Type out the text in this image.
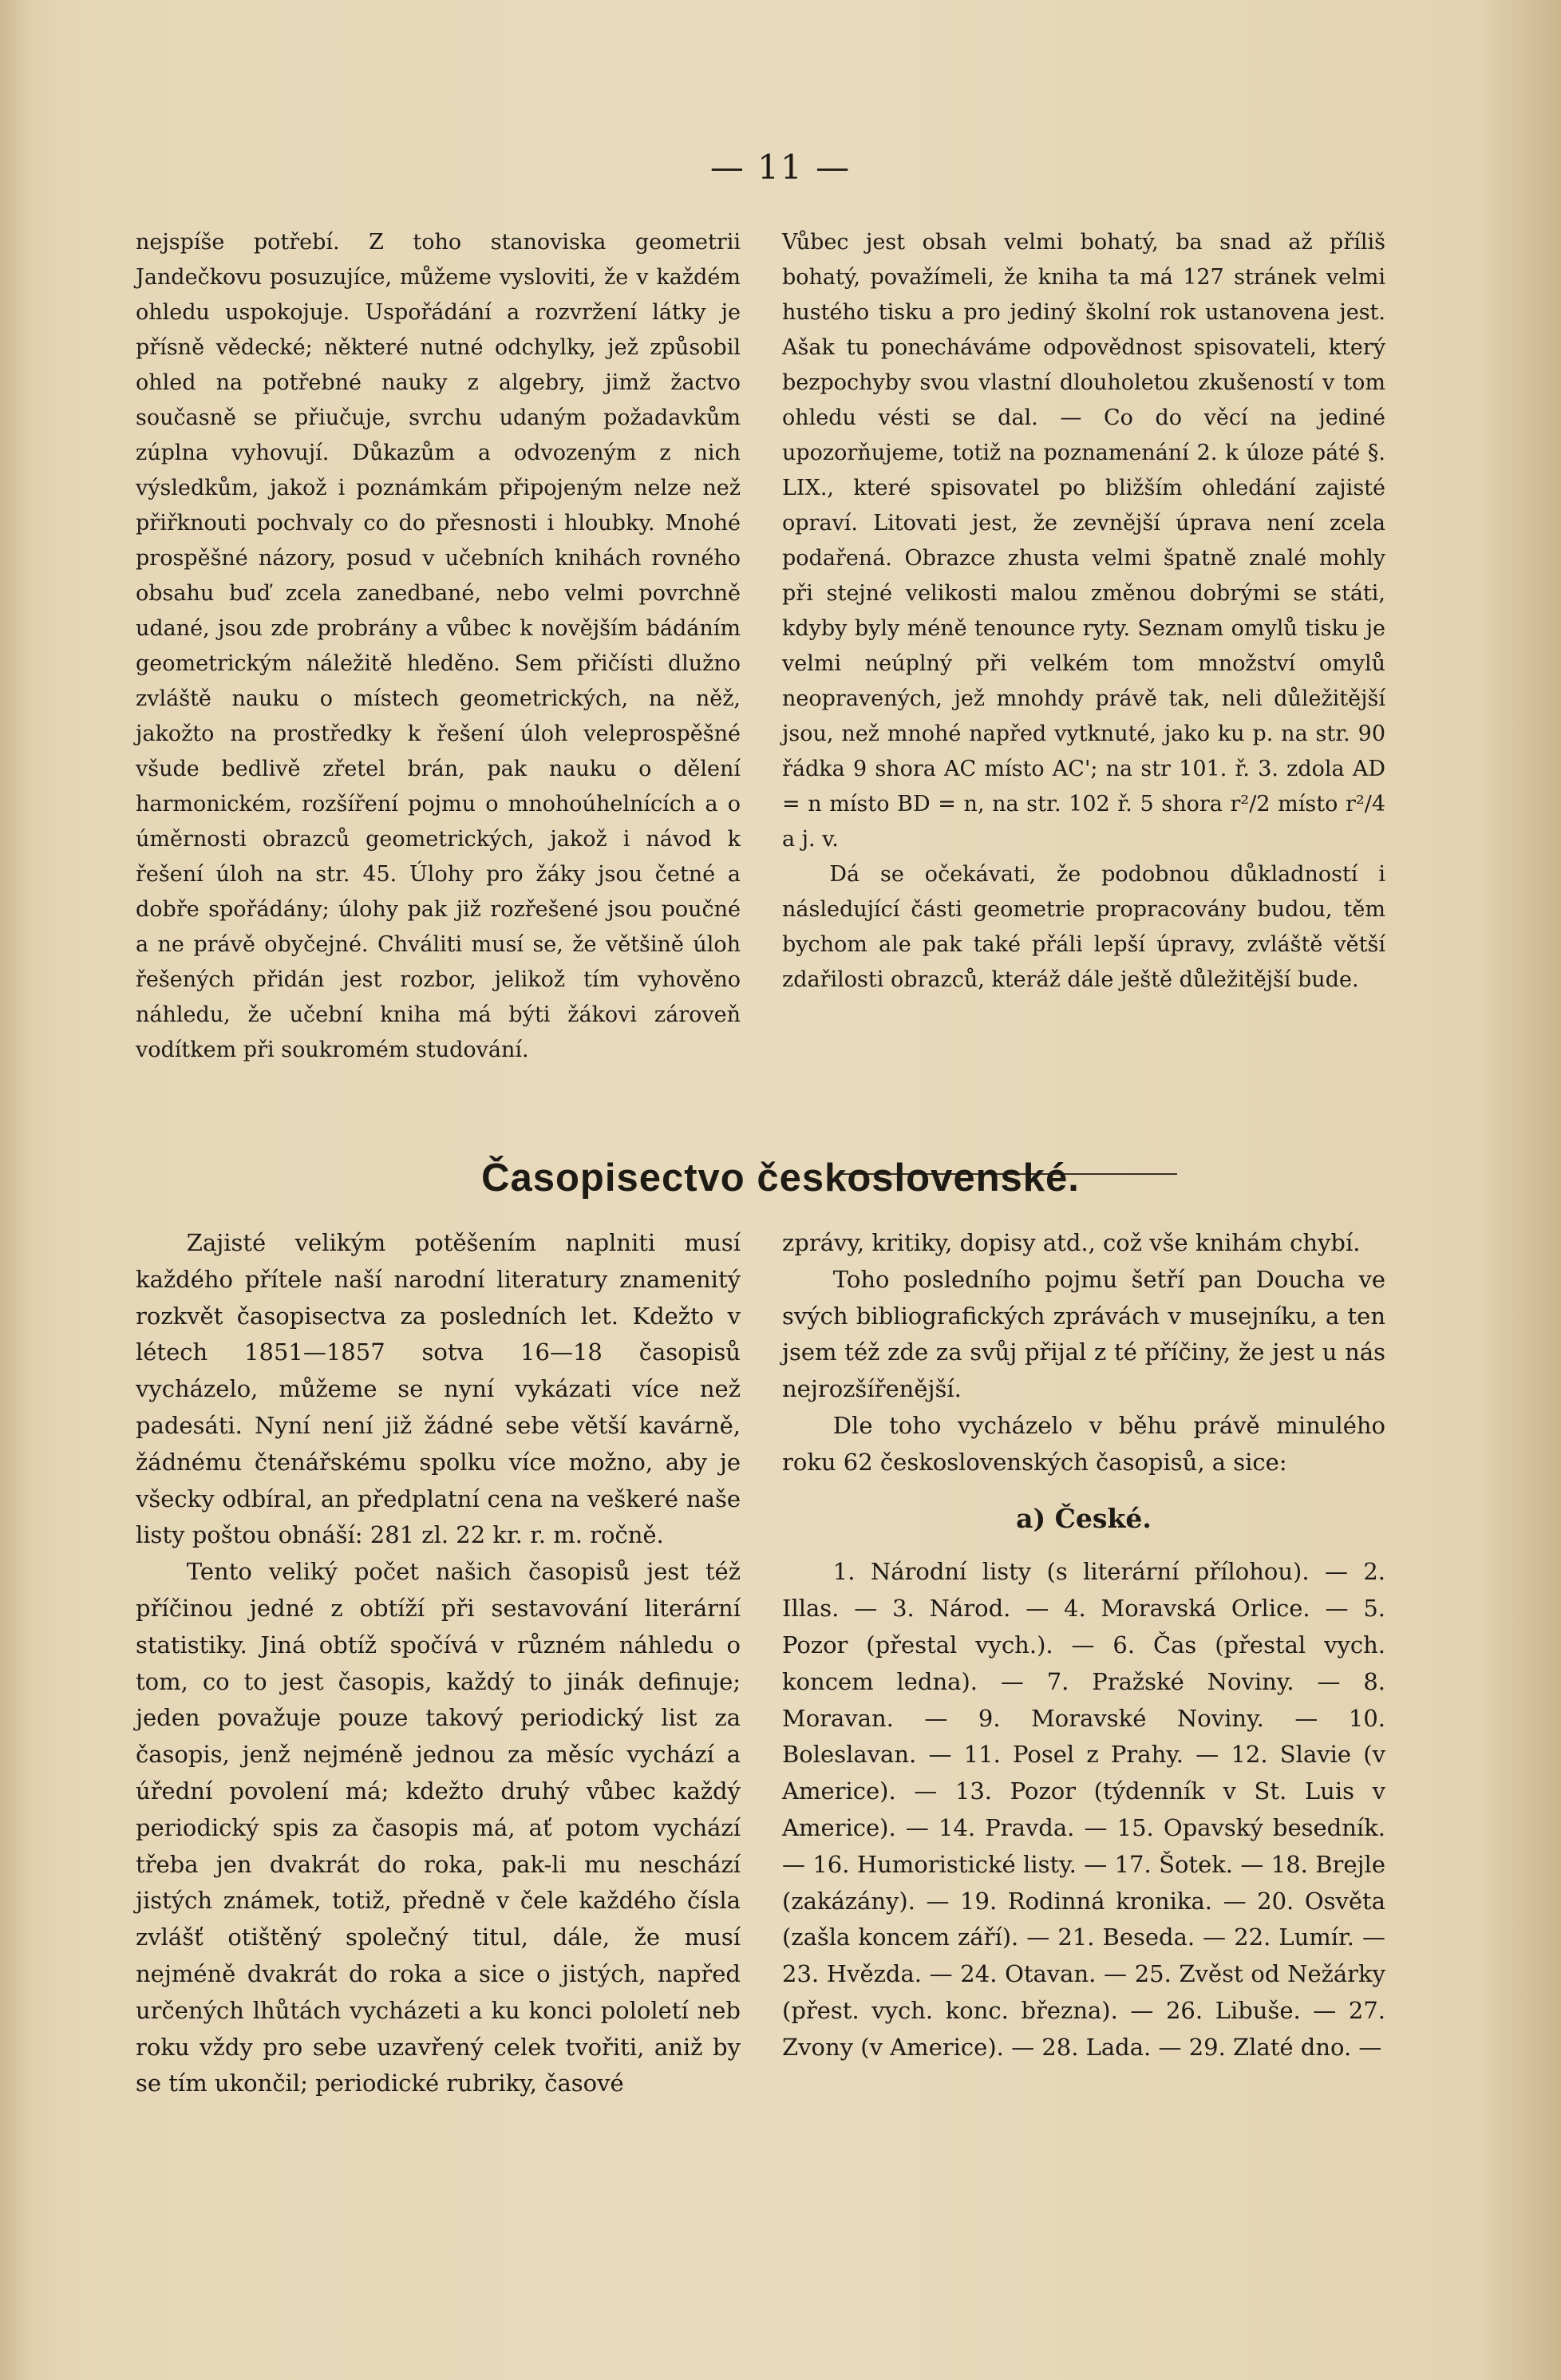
— 11 —

nejspíše potřebí. Z toho stanoviska geometrii Jandečkovu posuzujíce, můžeme vysloviti, že v každém ohledu uspokojuje. Uspořádání a rozvržení látky je přísně vědecké; některé nutné odchylky, jež způsobil ohled na potřebné nauky z algebry, jimž žactvo současně se přiučuje, svrchu udaným požadavkům zúplna vyhovují. Důkazům a odvozeným z nich výsledkům, jakož i poznámkám připojeným nelze než přiřknouti pochvaly co do přesnosti i hloubky. Mnohé prospěšné názory, posud v učebních knihách rovného obsahu buď zcela zanedbané, nebo velmi povrchně udané, jsou zde probrány a vůbec k novějším bádáním geometrickým náležitě hleděno. Sem přičísti dlužno zvláště nauku o místech geometrických, na něž, jakožto na prostředky k řešení úloh veleprospěšné všude bedlivě zřetel brán, pak nauku o dělení harmonickém, rozšíření pojmu o mnohoúhelnících a o úměrnosti obrazců geometrických, jakož i návod k řešení úloh na str. 45. Úlohy pro žáky jsou četné a dobře spořádány; úlohy pak již rozřešené jsou poučné a ne právě obyčejné. Chváliti musí se, že většině úloh řešených přidán jest rozbor, jelikož tím vyhověno náhledu, že učební kniha má býti žákovi zároveň vodítkem při soukromém studování.

Vůbec jest obsah velmi bohatý, ba snad až příliš bohatý, považímeli, že kniha ta má 127 stránek velmi hustého tisku a pro jediný školní rok ustanovena jest. Ašak tu ponecháváme odpovědnost spisovateli, který bezpochyby svou vlastní dlouholetou zkušeností v tom ohledu vésti se dal. — Co do věcí na jediné upozorňujeme, totiž na poznamenání 2. k úloze páté §. LIX., které spisovatel po bližším ohledání zajisté opraví. Litovati jest, že zevnější úprava není zcela podařená. Obrazce zhusta velmi špatně znalé mohly při stejné velikosti malou změnou dobrými se státi, kdyby byly méně tenounce ryty. Seznam omylů tisku je velmi neúplný při velkém tom množství omylů neopravených, jež mnohdy právě tak, neli důležitější jsou, než mnohé napřed vytknuté, jako ku p. na str. 90 řádka 9 shora AC místo AC'; na str 101. ř. 3. zdola AD = n místo BD = n, na str. 102 ř. 5 shora r²/2 místo r²/4 a j. v.

Dá se očekávati, že podobnou důkladností i následující části geometrie propracovány budou, těm bychom ale pak také přáli lepší úpravy, zvláště větší zdařilosti obrazců, kteráž dále ještě důležitější bude.

Časopisectvo československé.

Zajisté velikým potěšením naplniti musí každého přítele naší narodní literatury znamenitý rozkvět časopisectva za posledních let. Kdežto v létech 1851—1857 sotva 16—18 časopisů vycházelo, můžeme se nyní vykázati více než padesáti. Nyní není již žádné sebe větší kavárně, žádnému čtenářskému spolku více možno, aby je všecky odbíral, an předplatní cena na veškeré naše listy poštou obnáší: 281 zl. 22 kr. r. m. ročně.

Tento veliký počet našich časopisů jest též příčinou jedné z obtíží při sestavování literární statistiky. Jiná obtíž spočívá v různém náhledu o tom, co to jest časopis, každý to jinák definuje; jeden považuje pouze takový periodický list za časopis, jenž nejméně jednou za měsíc vychází a úřední povolení má; kdežto druhý vůbec každý periodický spis za časopis má, ať potom vychází třeba jen dvakrát do roka, pak-li mu neschází jistých známek, totiž, předně v čele každého čísla zvlášť otištěný společný titul, dále, že musí nejméně dvakrát do roka a sice o jistých, napřed určených lhůtách vycházeti a ku konci pololetí neb roku vždy pro sebe uzavřený celek tvořiti, aniž by se tím ukončil; periodické rubriky, časové

zprávy, kritiky, dopisy atd., což vše knihám chybí.

Toho posledního pojmu šetří pan Doucha ve svých bibliografických zprávách v musejníku, a ten jsem též zde za svůj přijal z té příčiny, že jest u nás nejrozšířenější.

Dle toho vycházelo v běhu právě minulého roku 62 československých časopisů, a sice:

a) České.

1. Národní listy (s literární přílohou). — 2. Illas. — 3. Národ. — 4. Moravská Orlice. — 5. Pozor (přestal vych.). — 6. Čas (přestal vych. koncem ledna). — 7. Pražské Noviny. — 8. Moravan. — 9. Moravské Noviny. — 10. Boleslavan. — 11. Posel z Prahy. — 12. Slavie (v Americe). — 13. Pozor (týdenník v St. Luis v Americe). — 14. Pravda. — 15. Opavský besedník. — 16. Humoristické listy. — 17. Šotek. — 18. Brejle (zakázány). — 19. Rodinná kronika. — 20. Osvěta (zašla koncem září). — 21. Beseda. — 22. Lumír. — 23. Hvězda. — 24. Otavan. — 25. Zvěst od Nežárky (přest. vych. konc. března). — 26. Libuše. — 27. Zvony (v Americe). — 28. Lada. — 29. Zlaté dno. —
